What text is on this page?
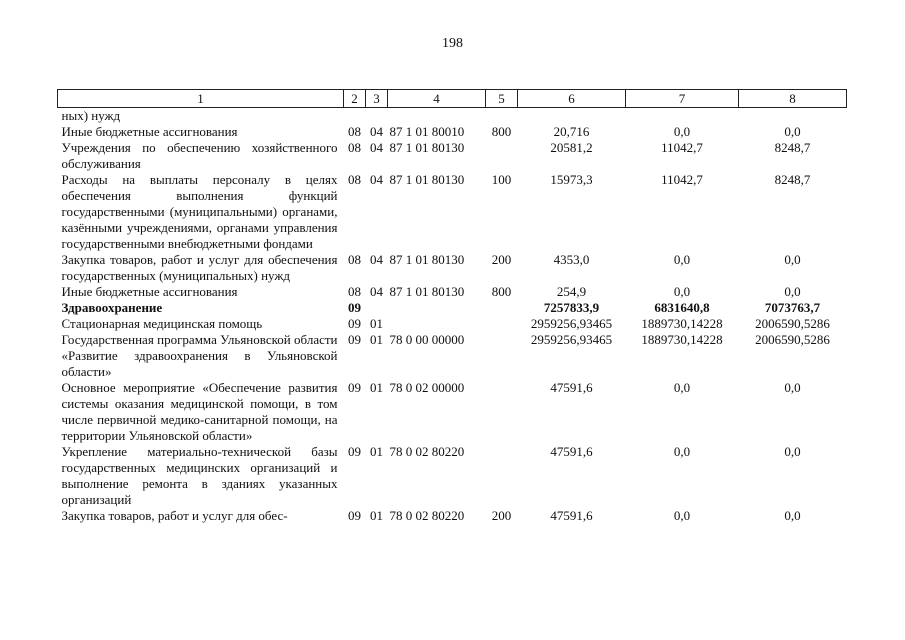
198
1	2	3	4	5	6	7	8
ных) нужд							
Иные бюджетные ассигнования	08	04	87 1 01 80010	800	20,716	0,0	0,0
Учреждения по обеспечению хозяйственного обслуживания	08	04	87 1 01 80130		20581,2	11042,7	8248,7
Расходы на выплаты персоналу в целях обеспечения выполнения функций государственными (муниципальными) органами, казёнными учреждениями, органами управления государственными внебюджетными фондами	08	04	87 1 01 80130	100	15973,3	11042,7	8248,7
Закупка товаров, работ и услуг для обеспечения государственных (муниципальных) нужд	08	04	87 1 01 80130	200	4353,0	0,0	0,0
Иные бюджетные ассигнования	08	04	87 1 01 80130	800	254,9	0,0	0,0
Здравоохранение	09				7257833,9	6831640,8	7073763,7
Стационарная медицинская помощь	09	01			2959256,93465	1889730,14228	2006590,5286
Государственная программа Ульяновской области «Развитие здравоохранения в Ульяновской области»	09	01	78 0 00 00000		2959256,93465	1889730,14228	2006590,5286
Основное мероприятие «Обеспечение развития системы оказания медицинской помощи, в том числе первичной медико-санитарной помощи, на территории Ульяновской области»	09	01	78 0 02 00000		47591,6	0,0	0,0
Укрепление материально-технической базы государственных медицинских организаций и выполнение ремонта в зданиях указанных организаций	09	01	78 0 02 80220		47591,6	0,0	0,0
Закупка товаров, работ и услуг для обес-	09	01	78 0 02 80220	200	47591,6	0,0	0,0
